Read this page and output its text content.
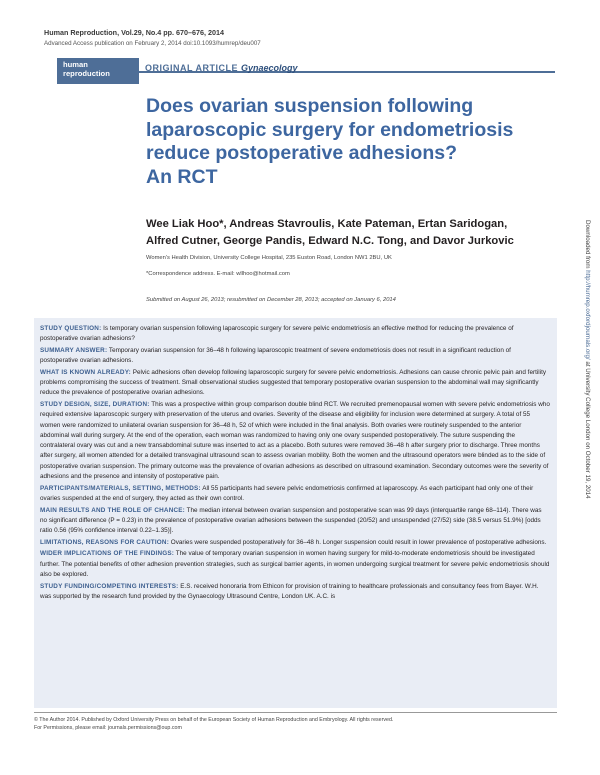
Human Reproduction, Vol.29, No.4 pp. 670–676, 2014
Advanced Access publication on February 2, 2014 doi:10.1093/humrep/deu007
human
reproduction
ORIGINAL ARTICLE Gynaecology
Does ovarian suspension following
laparoscopic surgery for endometriosis
reduce postoperative adhesions?
An RCT
Wee Liak Hoo*, Andreas Stavroulis, Kate Pateman, Ertan Saridogan,
Alfred Cutner, George Pandis, Edward N.C. Tong, and Davor Jurkovic
Women's Health Division, University College Hospital, 235 Euston Road, London NW1 2BU, UK
*Correspondence address. E-mail: wllhoo@hotmail.com
Submitted on August 26, 2013; resubmitted on December 28, 2013; accepted on January 6, 2014

STUDY QUESTION: Is temporary ovarian suspension following laparoscopic surgery for severe pelvic endometriosis an effective method for reducing the prevalence of postoperative ovarian adhesions?

SUMMARY ANSWER: Temporary ovarian suspension for 36–48 h following laparoscopic treatment of severe endometriosis does not result in a significant reduction of postoperative ovarian adhesions.

WHAT IS KNOWN ALREADY: Pelvic adhesions often develop following laparoscopic surgery for severe pelvic endometriosis. Adhesions can cause chronic pelvic pain and fertility problems compromising the success of treatment. Small observational studies suggested that temporary postoperative ovarian suspension to the abdominal wall may significantly reduce the prevalence of postoperative ovarian adhesions.

STUDY DESIGN, SIZE, DURATION: This was a prospective within group comparison double blind RCT. We recruited premenopausal women with severe pelvic endometriosis who required extensive laparoscopic surgery with preservation of the uterus and ovaries. Severity of the disease and eligibility for inclusion were determined at surgery. A total of 55 women were randomized to unilateral ovarian suspension for 36–48 h, 52 of which were included in the final analysis. Both ovaries were routinely suspended to the anterior abdominal wall during surgery. At the end of the operation, each woman was randomized to having only one ovary suspended postoperatively. The suture suspending the contralateral ovary was cut and a new transabdominal suture was inserted to act as a placebo. Both sutures were removed 36–48 h after surgery prior to discharge. Three months after surgery, all women attended for a detailed transvaginal ultrasound scan to assess ovarian mobility. Both the women and the ultrasound operators were blinded as to the side of postoperative ovarian suspension. The primary outcome was the prevalence of ovarian adhesions as described on ultrasound examination. Secondary outcomes were the severity of adhesions and the presence and intensity of postoperative pain.

PARTICIPANTS/MATERIALS, SETTING, METHODS: All 55 participants had severe pelvic endometriosis confirmed at laparoscopy. As each participant had only one of their ovaries suspended at the end of surgery, they acted as their own control.

MAIN RESULTS AND THE ROLE OF CHANCE: The median interval between ovarian suspension and postoperative scan was 99 days (interquartile range 68–114). There was no significant difference (P = 0.23) in the prevalence of postoperative ovarian adhesions between the suspended (20/52) and unsuspended (27/52) side (38.5 versus 51.9%) [odds ratio 0.56 (95% confidence interval 0.22–1.35)].

LIMITATIONS, REASONS FOR CAUTION: Ovaries were suspended postoperatively for 36–48 h. Longer suspension could result in lower prevalence of postoperative adhesions.

WIDER IMPLICATIONS OF THE FINDINGS: The value of temporary ovarian suspension in women having surgery for mild-to-moderate endometriosis should be investigated further. The potential benefits of other adhesion prevention strategies, such as surgical barrier agents, in women undergoing surgical treatment for severe pelvic endometriosis should also be explored.

STUDY FUNDING/COMPETING INTERESTS: E.S. received honoraria from Ethicon for provision of training to healthcare professionals and consultancy fees from Bayer. W.H. was supported by the research fund provided by the Gynaecology Ultrasound Centre, London UK. A.C. is

© The Author 2014. Published by Oxford University Press on behalf of the European Society of Human Reproduction and Embryology. All rights reserved.
For Permissions, please email: journals.permissions@oup.com
Downloaded from http://humrep.oxfordjournals.org/ at University College London on October 19, 2014
